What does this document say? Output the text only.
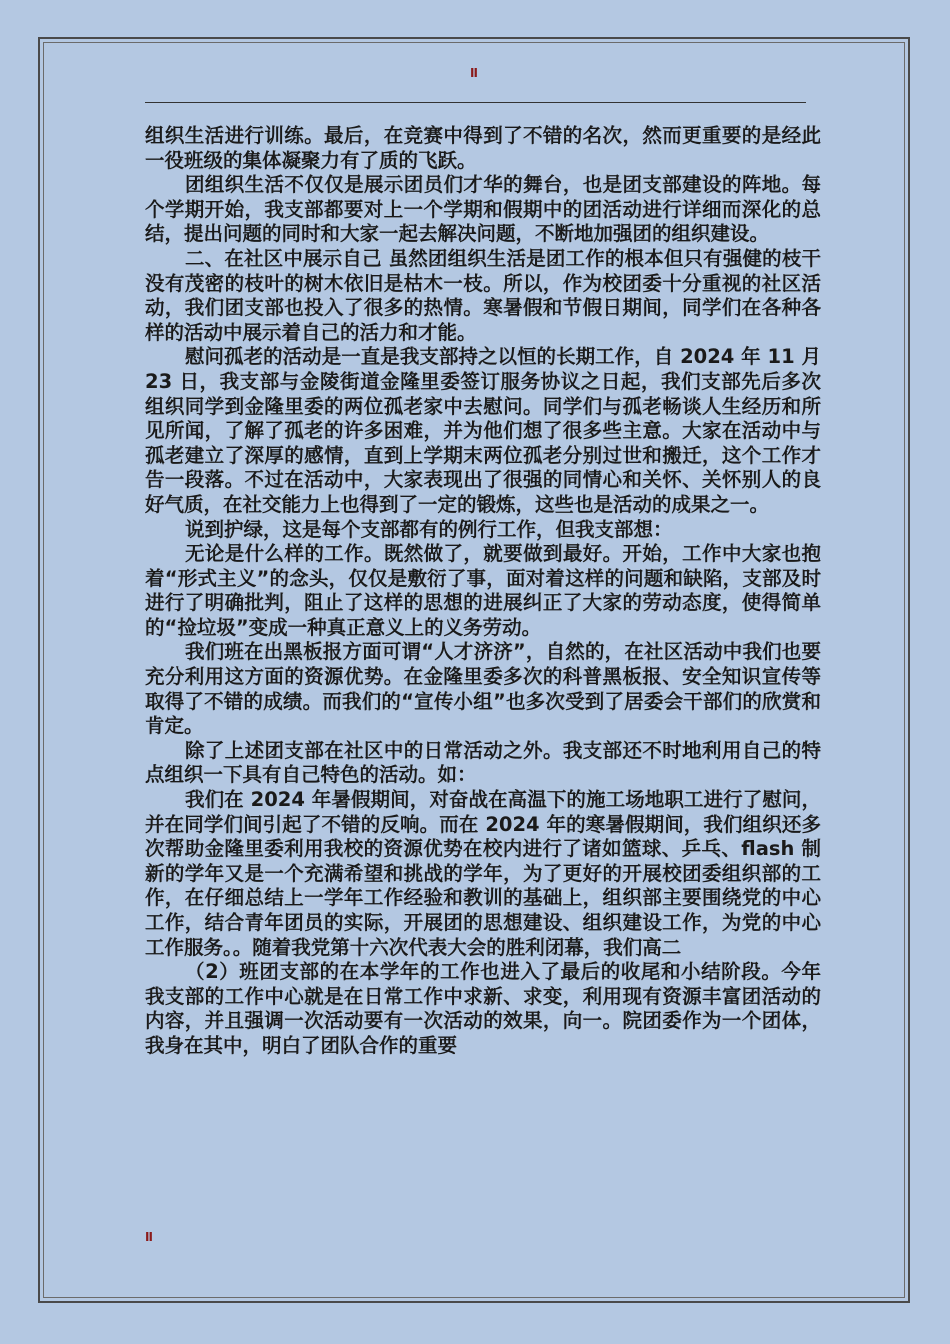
II

组织生活进行训练。最后，在竞赛中得到了不错的名次，然而更重要的是经此一役班级的集体凝聚力有了质的飞跃。

团组织生活不仅仅是展示团员们才华的舞台，也是团支部建设的阵地。每个学期开始，我支部都要对上一个学期和假期中的团活动进行详细而深化的总结，提出问题的同时和大家一起去解决问题，不断地加强团的组织建设。

二、在社区中展示自己 虽然团组织生活是团工作的根本但只有强健的枝干没有茂密的枝叶的树木依旧是枯木一枝。所以，作为校团委十分重视的社区活动，我们团支部也投入了很多的热情。寒暑假和节假日期间，同学们在各种各样的活动中展示着自己的活力和才能。

慰问孤老的活动是一直是我支部持之以恒的长期工作，自 2024 年 11 月 23 日，我支部与金陵街道金隆里委签订服务协议之日起，我们支部先后多次组织同学到金隆里委的两位孤老家中去慰问。同学们与孤老畅谈人生经历和所见所闻，了解了孤老的许多困难，并为他们想了很多些主意。大家在活动中与孤老建立了深厚的感情，直到上学期末两位孤老分别过世和搬迁，这个工作才告一段落。不过在活动中，大家表现出了很强的同情心和关怀、关怀别人的良好气质，在社交能力上也得到了一定的锻炼，这些也是活动的成果之一。

说到护绿，这是每个支部都有的例行工作，但我支部想：

无论是什么样的工作。既然做了，就要做到最好。开始，工作中大家也抱着“形式主义”的念头，仅仅是敷衍了事，面对着这样的问题和缺陷，支部及时进行了明确批判，阻止了这样的思想的进展纠正了大家的劳动态度，使得简单的“捡垃圾”变成一种真正意义上的义务劳动。

我们班在出黑板报方面可谓“人才济济”，自然的，在社区活动中我们也要充分利用这方面的资源优势。在金隆里委多次的科普黑板报、安全知识宣传等取得了不错的成绩。而我们的“宣传小组”也多次受到了居委会干部们的欣赏和肯定。

除了上述团支部在社区中的日常活动之外。我支部还不时地利用自己的特点组织一下具有自己特色的活动。如：

我们在 2024 年暑假期间，对奋战在高温下的施工场地职工进行了慰问，并在同学们间引起了不错的反响。而在 2024 年的寒暑假期间，我们组织还多次帮助金隆里委利用我校的资源优势在校内进行了诸如篮球、乒乓、flash 制新的学年又是一个充满希望和挑战的学年，为了更好的开展校团委组织部的工作，在仔细总结上一学年工作经验和教训的基础上，组织部主要围绕党的中心工作，结合青年团员的实际，开展团的思想建设、组织建设工作，为党的中心工作服务。。随着我党第十六次代表大会的胜利闭幕，我们高二

（2）班团支部的在本学年的工作也进入了最后的收尾和小结阶段。今年我支部的工作中心就是在日常工作中求新、求变，利用现有资源丰富团活动的内容，并且强调一次活动要有一次活动的效果，向一。院团委作为一个团体，我身在其中，明白了团队合作的重要

II
